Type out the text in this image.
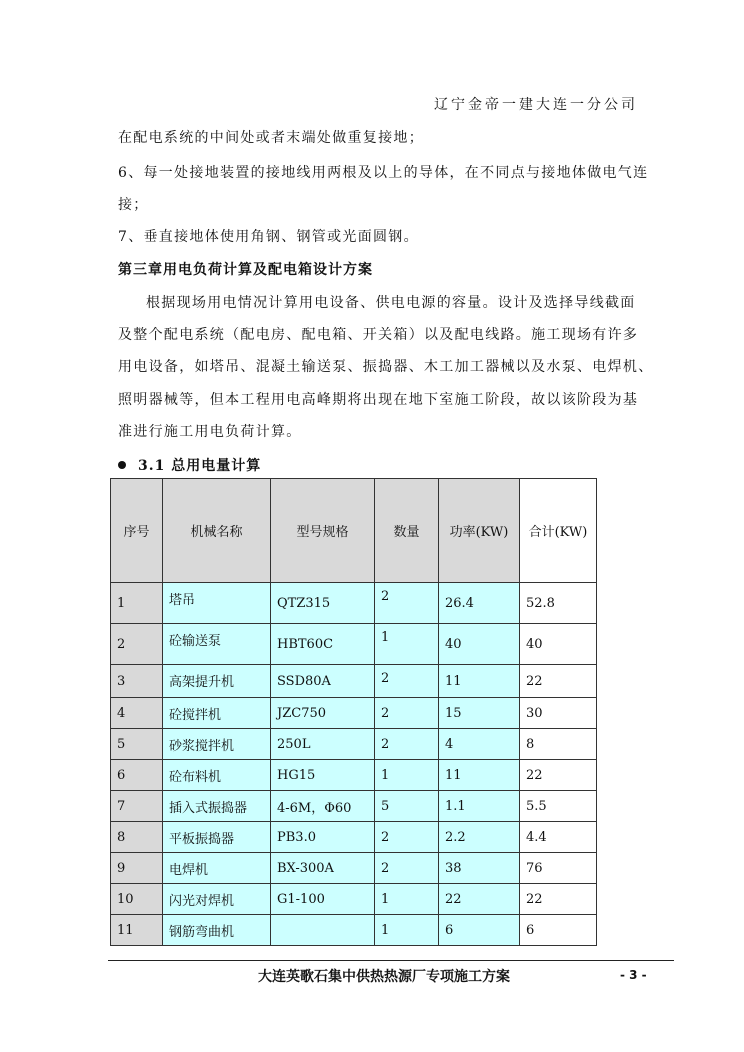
辽宁金帝一建大连一分公司
在配电系统的中间处或者末端处做重复接地；
6、每一处接地装置的接地线用两根及以上的导体，在不同点与接地体做电气连
接；
7、垂直接地体使用角钢、钢管或光面圆钢。
第三章用电负荷计算及配电箱设计方案
根据现场用电情况计算用电设备、供电电源的容量。设计及选择导线截面
及整个配电系统（配电房、配电箱、开关箱）以及配电线路。施工现场有许多
用电设备，如塔吊、混凝土输送泵、振捣器、木工加工器械以及水泵、电焊机、
照明器械等，但本工程用电高峰期将出现在地下室施工阶段，故以该阶段为基
准进行施工用电负荷计算。
3.1 总用电量计算
序号	机械名称	型号规格	数量	功率(KW)	合计(KW)
1	塔吊	QTZ315	2	26.4	52.8
2	砼输送泵	HBT60C	1	40	40
3	高架提升机	SSD80A	2	11	22
4	砼搅拌机	JZC750	2	15	30
5	砂浆搅拌机	250L	2	4	8
6	砼布料机	HG15	1	11	22
7	插入式振捣器	4-6M，Φ60	5	1.1	5.5
8	平板振捣器	PB3.0	2	2.2	4.4
9	电焊机	BX-300A	2	38	76
10	闪光对焊机	G1-100	1	22	22
11	钢筋弯曲机		1	6	6
大连英歌石集中供热热源厂专项施工方案	- 3 -
